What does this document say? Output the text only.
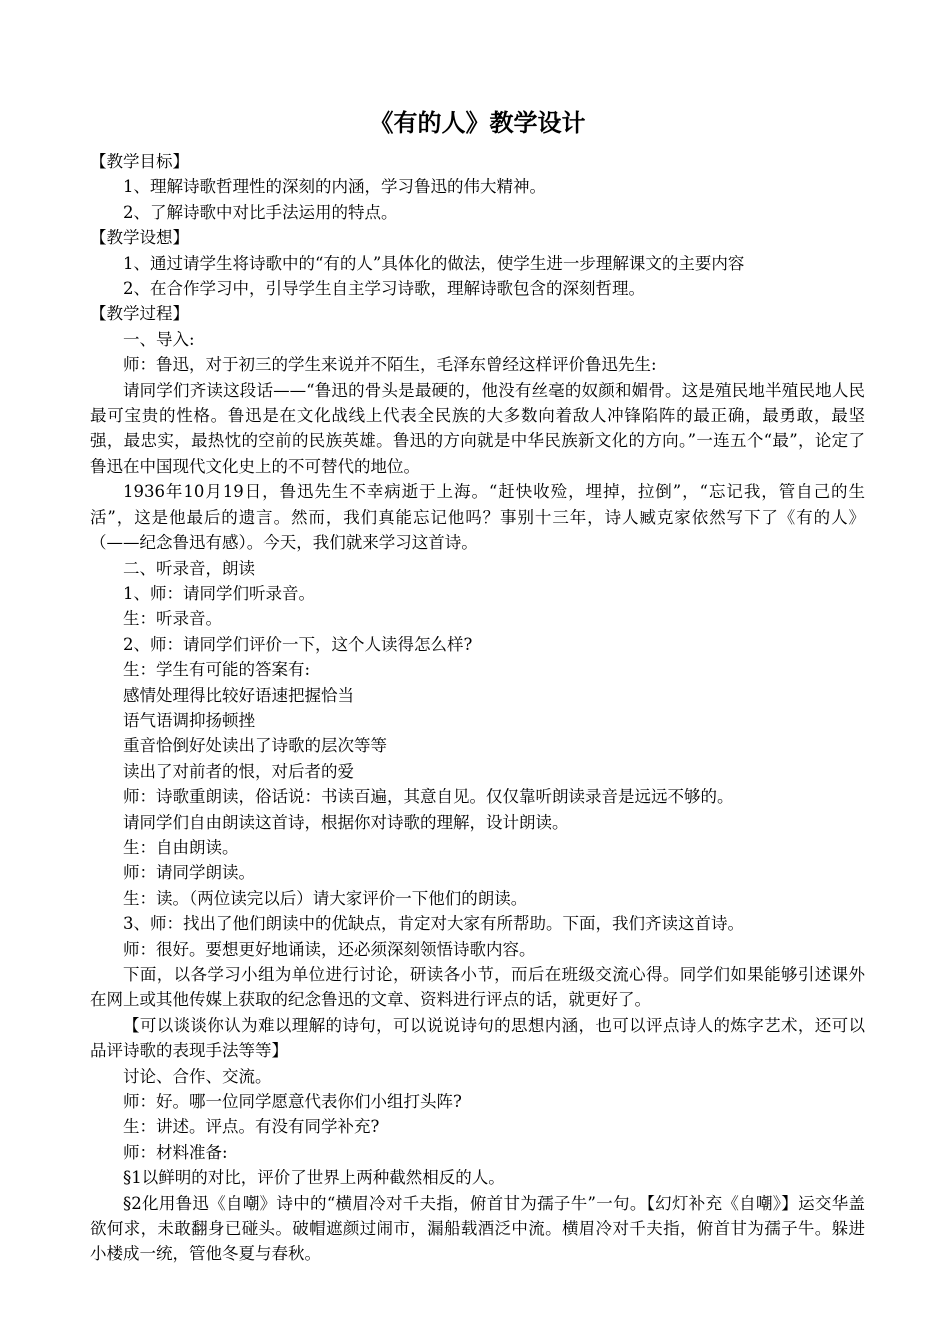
《有的人》教学设计
【教学目标】
1、理解诗歌哲理性的深刻的内涵，学习鲁迅的伟大精神。
2、了解诗歌中对比手法运用的特点。
【教学设想】
1、通过请学生将诗歌中的“有的人”具体化的做法，使学生进一步理解课文的主要内容
2、在合作学习中，引导学生自主学习诗歌，理解诗歌包含的深刻哲理。
【教学过程】
一、导入:
师：鲁迅，对于初三的学生来说并不陌生，毛泽东曾经这样评价鲁迅先生:
请同学们齐读这段话——“鲁迅的骨头是最硬的，他没有丝毫的奴颜和媚骨。这是殖民地半殖民地人民最可宝贵的性格。鲁迅是在文化战线上代表全民族的大多数向着敌人冲锋陷阵的最正确，最勇敢，最坚强，最忠实，最热忱的空前的民族英雄。鲁迅的方向就是中华民族新文化的方向。”一连五个“最”，论定了鲁迅在中国现代文化史上的不可替代的地位。
1936年10月19日，鲁迅先生不幸病逝于上海。“赶快收殓，埋掉，拉倒”，“忘记我，管自己的生活”，这是他最后的遗言。然而，我们真能忘记他吗？事别十三年，诗人臧克家依然写下了《有的人》（——纪念鲁迅有感）。今天，我们就来学习这首诗。
二、听录音，朗读
1、师：请同学们听录音。
生：听录音。
2、师：请同学们评价一下，这个人读得怎么样?
生：学生有可能的答案有:
感情处理得比较好语速把握恰当
语气语调抑扬顿挫
重音恰倒好处读出了诗歌的层次等等
读出了对前者的恨，对后者的爱
师：诗歌重朗读，俗话说：书读百遍，其意自见。仅仅靠听朗读录音是远远不够的。
请同学们自由朗读这首诗，根据你对诗歌的理解，设计朗读。
生：自由朗读。
师：请同学朗读。
生：读。（两位读完以后）请大家评价一下他们的朗读。
3、师：找出了他们朗读中的优缺点，肯定对大家有所帮助。下面，我们齐读这首诗。
师：很好。要想更好地诵读，还必须深刻领悟诗歌内容。
下面，以各学习小组为单位进行讨论，研读各小节，而后在班级交流心得。同学们如果能够引述课外在网上或其他传媒上获取的纪念鲁迅的文章、资料进行评点的话，就更好了。
【可以谈谈你认为难以理解的诗句，可以说说诗句的思想内涵，也可以评点诗人的炼字艺术，还可以品评诗歌的表现手法等等】
讨论、合作、交流。
师：好。哪一位同学愿意代表你们小组打头阵?
生：讲述。评点。有没有同学补充?
师：材料准备:
§1以鲜明的对比，评价了世界上两种截然相反的人。
§2化用鲁迅《自嘲》诗中的“横眉冷对千夫指，俯首甘为孺子牛”一句。【幻灯补充《自嘲》】运交华盖欲何求，未敢翻身已碰头。破帽遮颜过闹市，漏船载酒泛中流。横眉冷对千夫指，俯首甘为孺子牛。躲进小楼成一统，管他冬夏与春秋。
